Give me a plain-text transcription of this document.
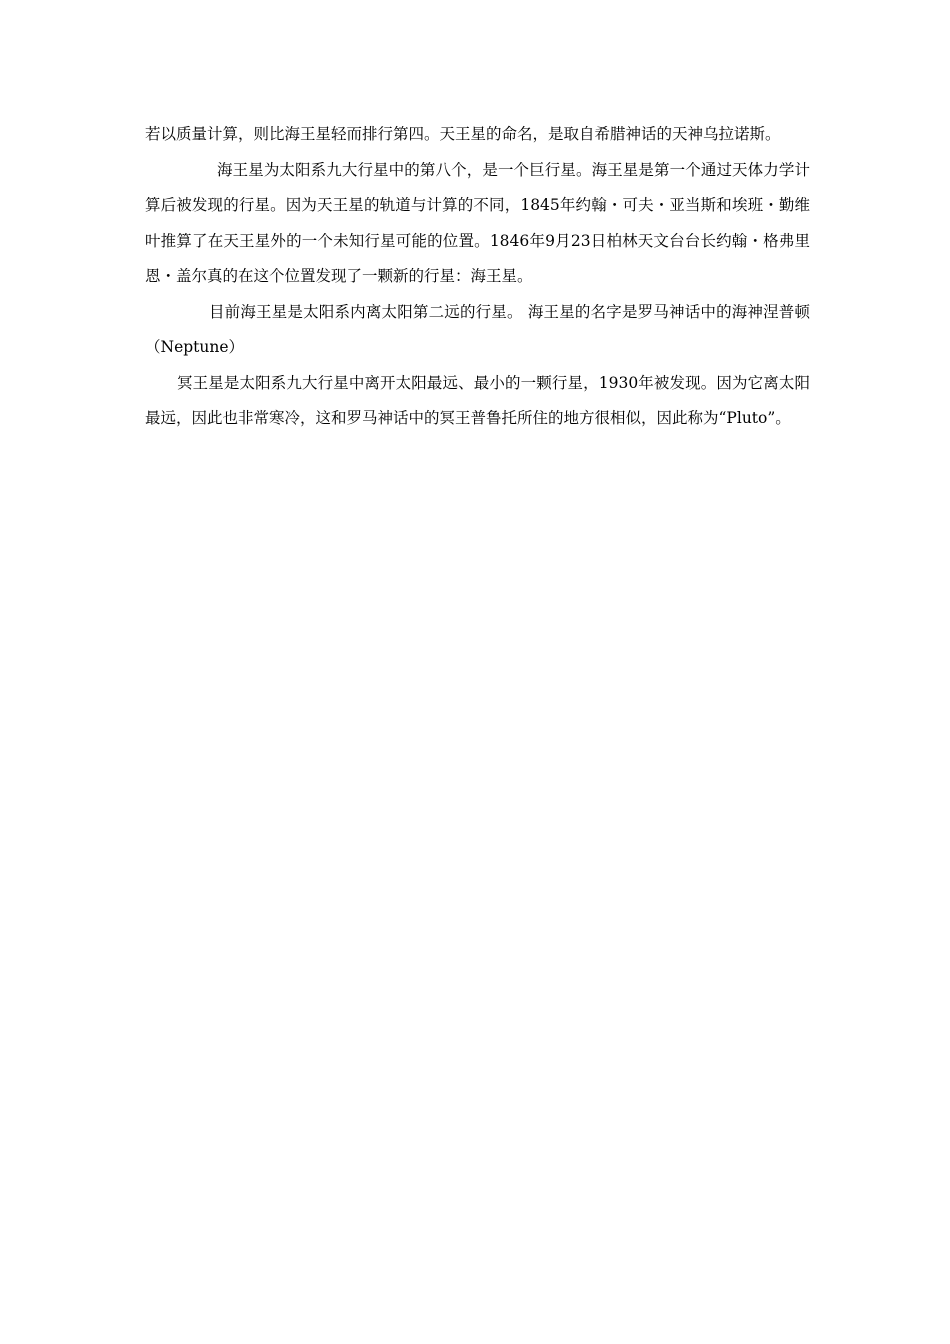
若以质量计算，则比海王星轻而排行第四。天王星的命名，是取自希腊神话的天神乌拉诺斯。

海王星为太阳系九大行星中的第八个，是一个巨行星。海王星是第一个通过天体力学计算后被发现的行星。因为天王星的轨道与计算的不同，1845年约翰・可夫・亚当斯和埃班・勤维叶推算了在天王星外的一个未知行星可能的位置。1846年9月23日柏林天文台台长约翰・格弗里恩・盖尔真的在这个位置发现了一颗新的行星：海王星。

目前海王星是太阳系内离太阳第二远的行星。 海王星的名字是罗马神话中的海神涅普顿（Neptune）

冥王星是太阳系九大行星中离开太阳最远、最小的一颗行星，1930年被发现。因为它离太阳最远，因此也非常寒冷，这和罗马神话中的冥王普鲁托所住的地方很相似，因此称为“Pluto”。
